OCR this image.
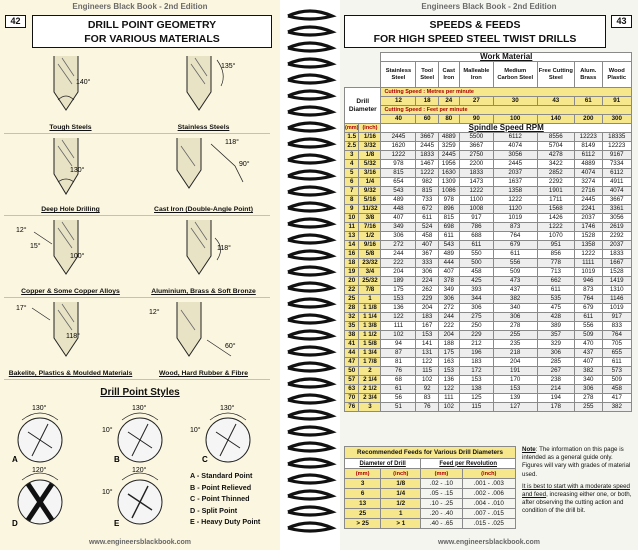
Engineers Black Book - 2nd Edition
42	DRILL POINT GEOMETRY
FOR VARIOUS MATERIALS
140°
Tough Steels
135°
Stainless Steels
130°
Deep Hole Drilling
118°
90°
Cast Iron (Double-Angle Point)
12°
15°
100°
Copper & Some Copper Alloys
118°
Aluminium, Brass & Soft Bronze
17°
118°
Bakelite, Plastics & Moulded Materials
12°
60°
Wood, Hard Rubber & Fibre
Drill Point Styles
130°
A
130°
10°
B
130°
10°
C
120°
D
120°
10°
E
A - Standard Point
B - Point Relieved
C - Point Thinned
D - Split Point
E - Heavy Duty Point
www.engineersblackbook.com
Engineers Black Book - 2nd Edition
SPEEDS & FEEDS
FOR HIGH SPEED STEEL TWIST DRILLS
43
		Work Material							
		Stainless Steel	Tool Steel	Cast Iron	Malleable Iron	Medium Carbon Steel	Free Cutting Steel	Alum. Brass	Wood Plastic
Drill Diameter		Cutting Speed : Metres per minute							
		12	18	24	27	30	43	61	91
		Cutting Speed : Feet per minute							
		40	60	80	90	100	140	200	300
(mm)	(inch)	Spindle Speed RPM							
1.5	1/16	2445	3667	4889	5500	6112	8556	12223	18335
2.5	3/32	1620	2445	3259	3667	4074	5704	8149	12223
3	1/8	1222	1833	2445	2750	3056	4278	6112	9167
4	5/32	978	1467	1956	2200	2445	3422	4889	7334
5	3/16	815	1222	1630	1833	2037	2852	4074	6112
6	1/4	654	982	1309	1473	1637	2292	3274	4911
7	9/32	543	815	1086	1222	1358	1901	2716	4074
8	5/16	489	733	978	1100	1222	1711	2445	3667
9	11/32	448	672	896	1008	1120	1568	2241	3361
10	3/8	407	611	815	917	1019	1426	2037	3056
11	7/16	349	524	698	786	873	1222	1746	2619
13	1/2	306	458	611	688	764	1070	1528	2292
14	9/16	272	407	543	611	679	951	1358	2037
16	5/8	244	367	489	550	611	856	1222	1833
18	23/32	222	333	444	500	556	778	1111	1667
19	3/4	204	306	407	458	509	713	1019	1528
20	25/32	189	224	378	425	473	662	946	1419
22	7/8	175	262	349	393	437	611	873	1310
25	1	153	229	306	344	382	535	764	1146
28	1 1/8	136	204	272	306	340	475	679	1019
32	1 1/4	122	183	244	275	306	428	611	917
35	1 3/8	111	167	222	250	278	389	556	833
38	1 1/2	102	153	204	229	255	357	509	764
41	1 5/8	94	141	188	212	235	329	470	705
44	1 3/4	87	131	175	196	218	306	437	655
47	1 7/8	81	122	163	183	204	285	407	611
50	2	76	115	153	172	191	267	382	573
57	2 1/4	68	102	136	153	170	238	340	509
63	2 1/2	61	92	122	138	153	214	306	458
70	2 3/4	56	83	111	125	139	194	278	417
76	3	51	76	102	115	127	178	255	382
Recommended Feeds for Various Drill Diameters			
Diameter of Drill		Feed per Revolution	
(mm)	(inch)	(mm)	(inch)
3	1/8	.02 - .10	.001 - .003
6	1/4	.05 - .15	.002 - .006
13	1/2	.10 - .25	.004 - .010
25	1	.20 - .40	.007 - .015
> 25	> 1	.40 - .65	.015 - .025

Note: The information on this page is intended as a general guide only. Figures will vary with grades of material used.

It is best to start with a moderate speed and feed, increasing either one, or both, after observing the cutting action and condition of the drill bit.

www.engineersblackbook.com
